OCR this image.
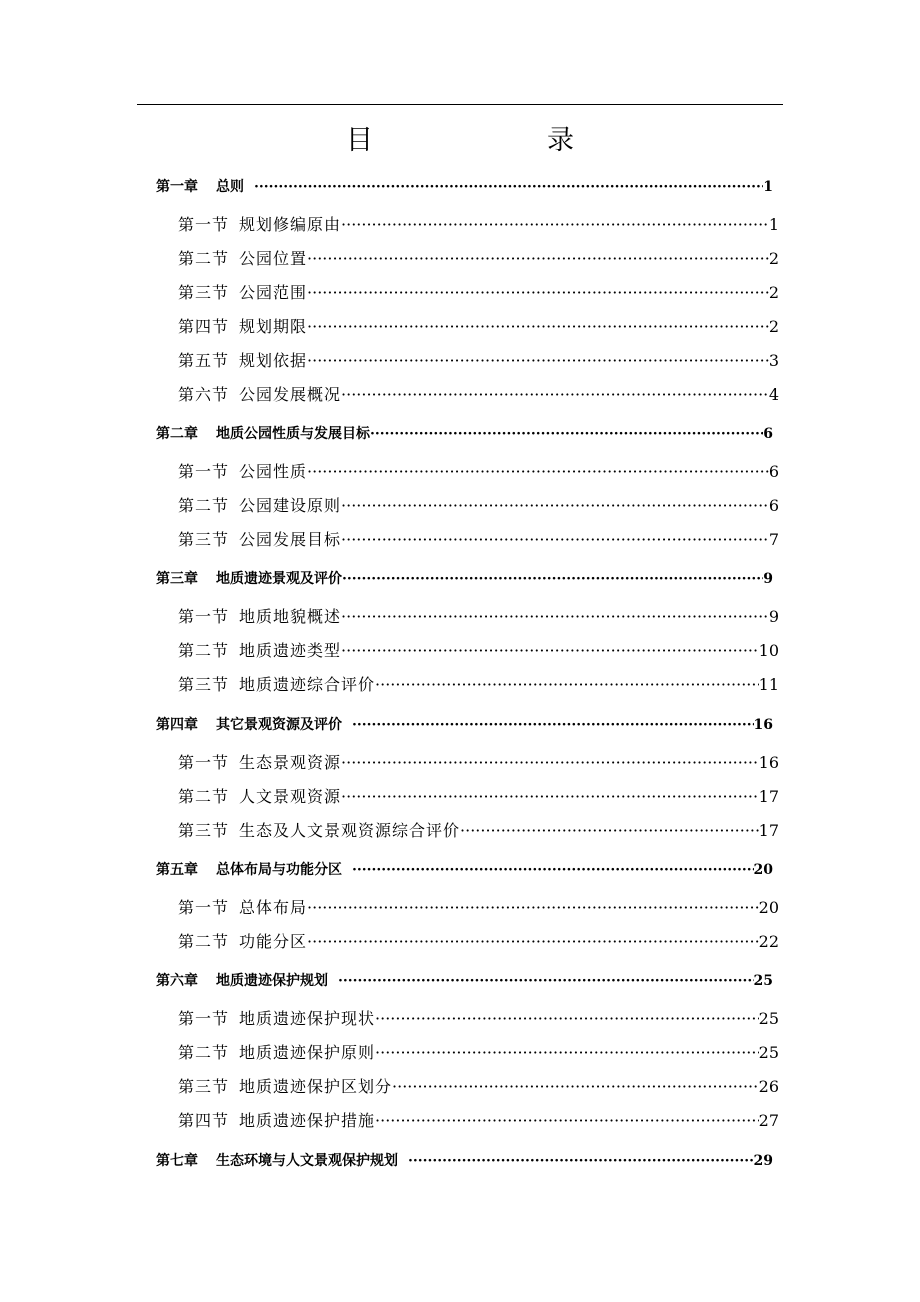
目　　录
第一章 总则 ·····	1
第一节 规划修编原由 ·····	1
第二节 公园位置 ·····	2
第三节 公园范围 ·····	2
第四节 规划期限 ·····	2
第五节 规划依据 ·····	3
第六节 公园发展概况 ·····	4
第二章 地质公园性质与发展目标 ·····	6
第一节 公园性质 ·····	6
第二节 公园建设原则 ·····	6
第三节 公园发展目标 ·····	7
第三章 地质遗迹景观及评价 ·····	9
第一节 地质地貌概述 ·····	9
第二节 地质遗迹类型 ·····	10
第三节 地质遗迹综合评价 ·····	11
第四章 其它景观资源及评价 ·····	16
第一节 生态景观资源 ·····	16
第二节 人文景观资源 ·····	17
第三节 生态及人文景观资源综合评价 ·····	17
第五章 总体布局与功能分区 ·····	20
第一节 总体布局 ·····	20
第二节 功能分区 ·····	22
第六章 地质遗迹保护规划 ·····	25
第一节 地质遗迹保护现状 ·····	25
第二节 地质遗迹保护原则 ·····	25
第三节 地质遗迹保护区划分 ·····	26
第四节 地质遗迹保护措施 ·····	27
第七章 生态环境与人文景观保护规划 ·····	29
